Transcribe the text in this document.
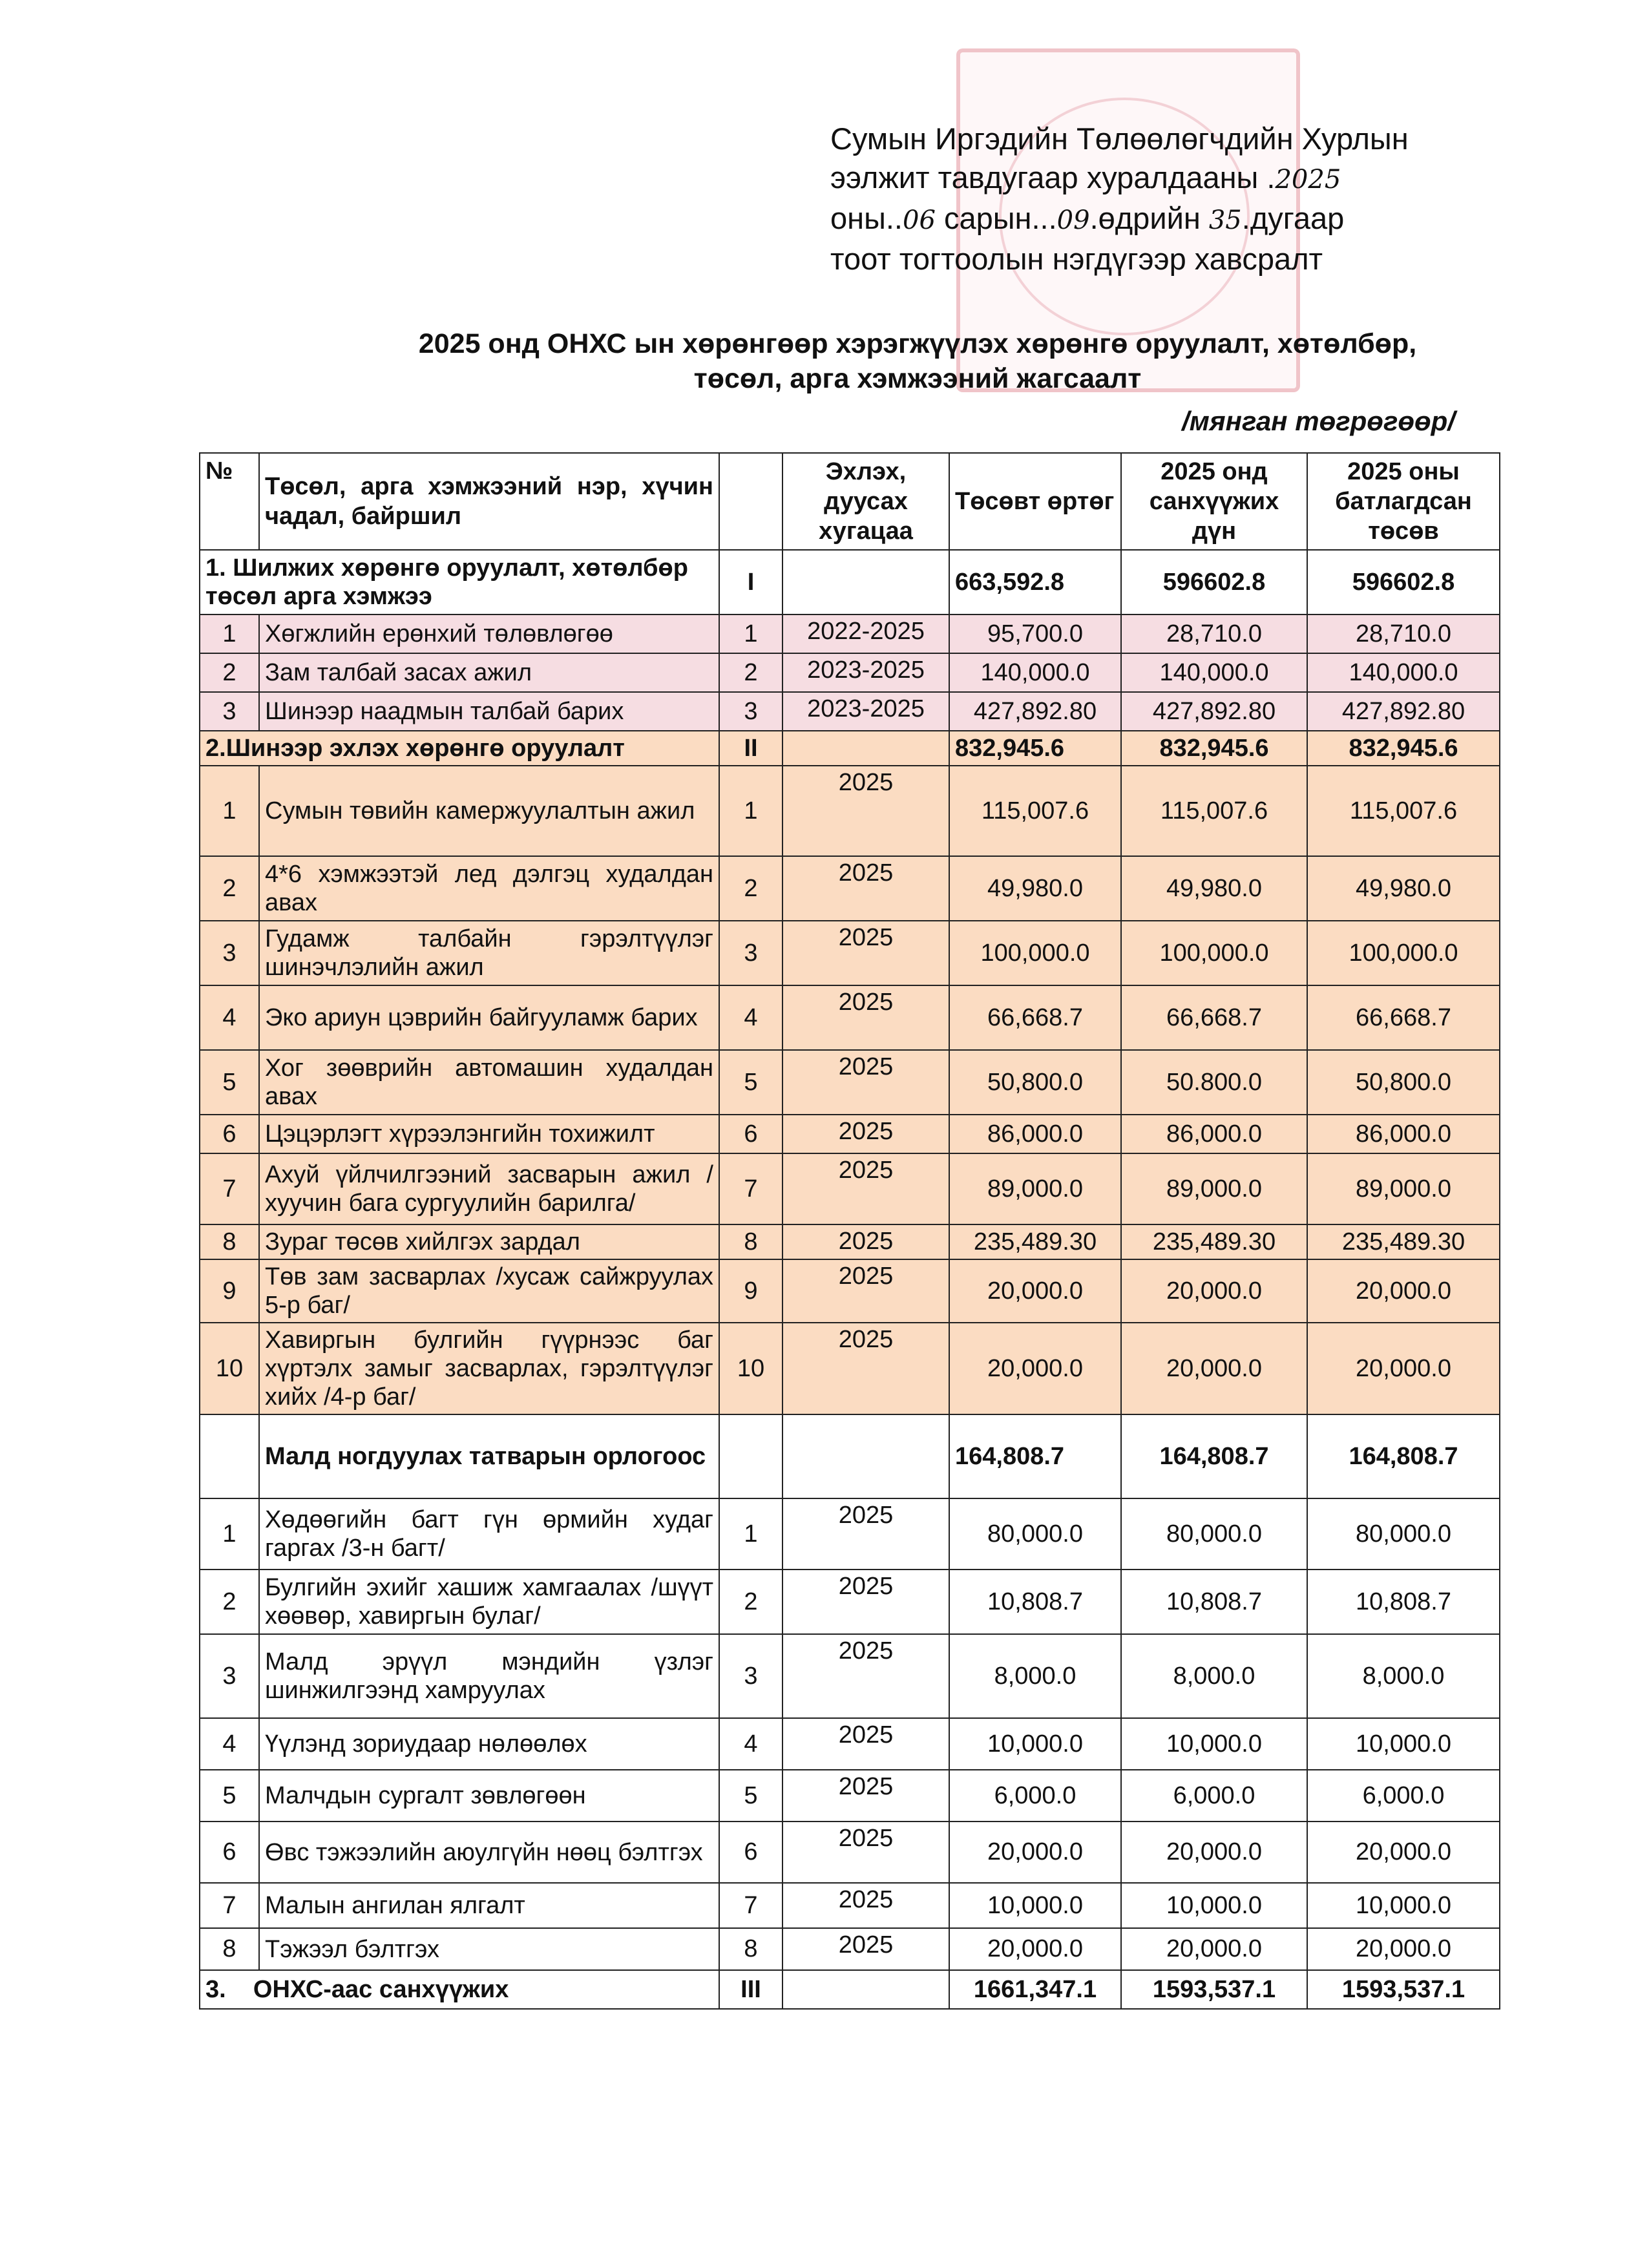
Сумын Иргэдийн Төлөөлөгчдийн Хурлын
ээлжит тавдугаар хуралдааны .2025
оны..06 сарын...09.өдрийн 35.дугаар
тоот тогтоолын нэгдүгээр хавсралт
2025 онд ОНХС ын хөрөнгөөр хэрэгжүүлэх хөрөнгө оруулалт, хөтөлбөр,
төсөл, арга хэмжээний жагсаалт
/мянган төгрөгөөр/
№	Төсөл, арга хэмжээний нэр, хүчин чадал, байршил		Эхлэх, дуусах хугацаа	Төсөвт өртөг	2025 онд санхүүжих дүн	2025 оны батлагдсан төсөв
1. Шилжих хөрөнгө оруулалт, хөтөлбөр төсөл арга хэмжээ		I		663,592.8	596602.8	596602.8
1	Хөгжлийн ерөнхий төлөвлөгөө	1	2022-2025	95,700.0	28,710.0	28,710.0
2	Зам талбай засах ажил	2	2023-2025	140,000.0	140,000.0	140,000.0
3	Шинээр наадмын талбай барих	3	2023-2025	427,892.80	427,892.80	427,892.80
2.Шинээр эхлэх хөрөнгө оруулалт		II		832,945.6	832,945.6	832,945.6
1	Сумын төвийн камержуулалтын ажил	1	2025	115,007.6	115,007.6	115,007.6
2	4*6 хэмжээтэй лед дэлгэц худалдан авах	2	2025	49,980.0	49,980.0	49,980.0
3	Гудамж талбайн гэрэлтүүлэг шинэчлэлийн ажил	3	2025	100,000.0	100,000.0	100,000.0
4	Эко ариун цэврийн байгууламж барих	4	2025	66,668.7	66,668.7	66,668.7
5	Хог зөөврийн автомашин худалдан авах	5	2025	50,800.0	50.800.0	50,800.0
6	Цэцэрлэгт хүрээлэнгийн тохижилт	6	2025	86,000.0	86,000.0	86,000.0
7	Ахуй үйлчилгээний засварын ажил /хуучин бага сургуулийн барилга/	7	2025	89,000.0	89,000.0	89,000.0
8	Зураг төсөв хийлгэх зардал	8	2025	235,489.30	235,489.30	235,489.30
9	Төв зам засварлах /хусаж сайжруулах 5-р баг/	9	2025	20,000.0	20,000.0	20,000.0
10	Хавиргын булгийн гүүрнээс баг хүртэлх замыг засварлах, гэрэлтүүлэг хийх /4-р баг/	10	2025	20,000.0	20,000.0	20,000.0
	Малд ногдуулах татварын орлогоос			164,808.7	164,808.7	164,808.7
1	Хөдөөгийн багт гүн өрмийн худаг гаргах /3-н багт/	1	2025	80,000.0	80,000.0	80,000.0
2	Булгийн эхийг хашиж хамгаалах /шүүт хөөвөр, хавиргын булаг/	2	2025	10,808.7	10,808.7	10,808.7
3	Малд эрүүл мэндийн үзлэг шинжилгээнд хамруулах	3	2025	8,000.0	8,000.0	8,000.0
4	Үүлэнд зориудаар нөлөөлөх	4	2025	10,000.0	10,000.0	10,000.0
5	Малчдын сургалт зөвлөгөөн	5	2025	6,000.0	6,000.0	6,000.0
6	Өвс тэжээлийн аюулгүйн нөөц бэлтгэх	6	2025	20,000.0	20,000.0	20,000.0
7	Малын ангилан ялгалт	7	2025	10,000.0	10,000.0	10,000.0
8	Тэжээл бэлтгэх	8	2025	20,000.0	20,000.0	20,000.0
3.    ОНХС-аас санхүүжих		III		1661,347.1	1593,537.1	1593,537.1
